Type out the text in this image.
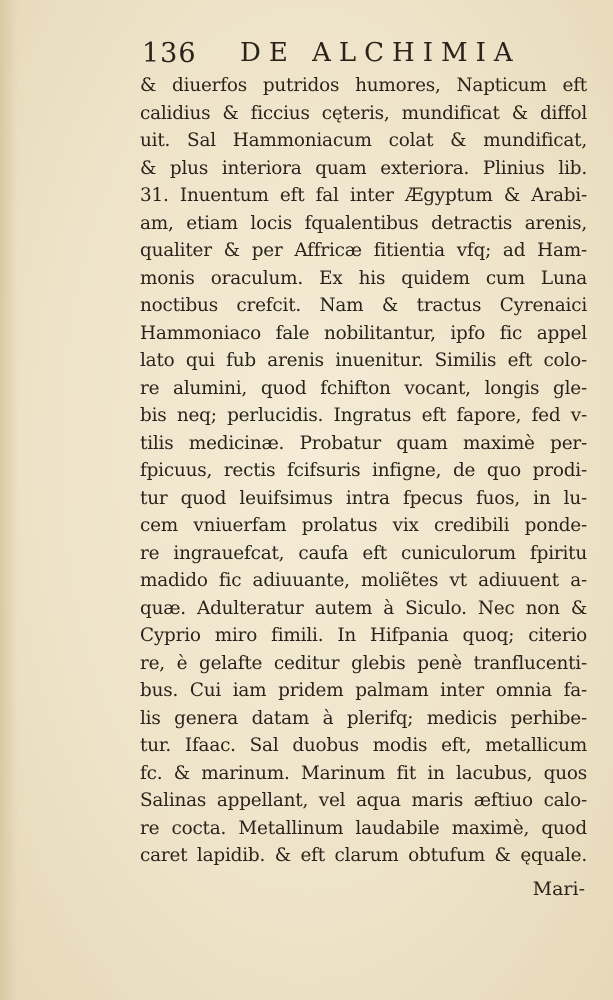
136 DE ALCHIMIA
& diuerfos putridos humores, Napticum eft
calidius & ficcius cęteris, mundificat & diffol
uit. Sal Hammoniacum colat & mundificat,
& plus interiora quam exteriora. Plinius lib.
31. Inuentum eft fal inter Ægyptum & Arabi-
am, etiam locis fqualentibus detractis arenis,
qualiter & per Affricæ fitientia vfq; ad Ham-
monis oraculum. Ex his quidem cum Luna
noctibus crefcit. Nam & tractus Cyrenaici
Hammoniaco fale nobilitantur, ipfo fic appel
lato qui fub arenis inuenitur. Similis eft colo-
re alumini, quod fchifton vocant, longis gle-
bis neq; perlucidis. Ingratus eft fapore, fed v-
tilis medicinæ. Probatur quam maximè per-
fpicuus, rectis fcifsuris infigne, de quo prodi-
tur quod leuifsimus intra fpecus fuos, in lu-
cem vniuerfam prolatus vix credibili ponde-
re ingrauefcat, caufa eft cuniculorum fpiritu
madido fic adiuuante, moliẽtes vt adiuuent a-
quæ. Adulteratur autem à Siculo. Nec non &
Cyprio miro fimili. In Hifpania quoq; citerio
re, è gelafte ceditur glebis penè tranflucenti-
bus. Cui iam pridem palmam inter omnia fa-
lis genera datam à plerifq; medicis perhibe-
tur. Ifaac. Sal duobus modis eft, metallicum
fc. & marinum. Marinum fit in lacubus, quos
Salinas appellant, vel aqua maris æftiuo calo-
re cocta. Metallinum laudabile maximè, quod
caret lapidib. & eft clarum obtufum & ęquale.
Mari-
